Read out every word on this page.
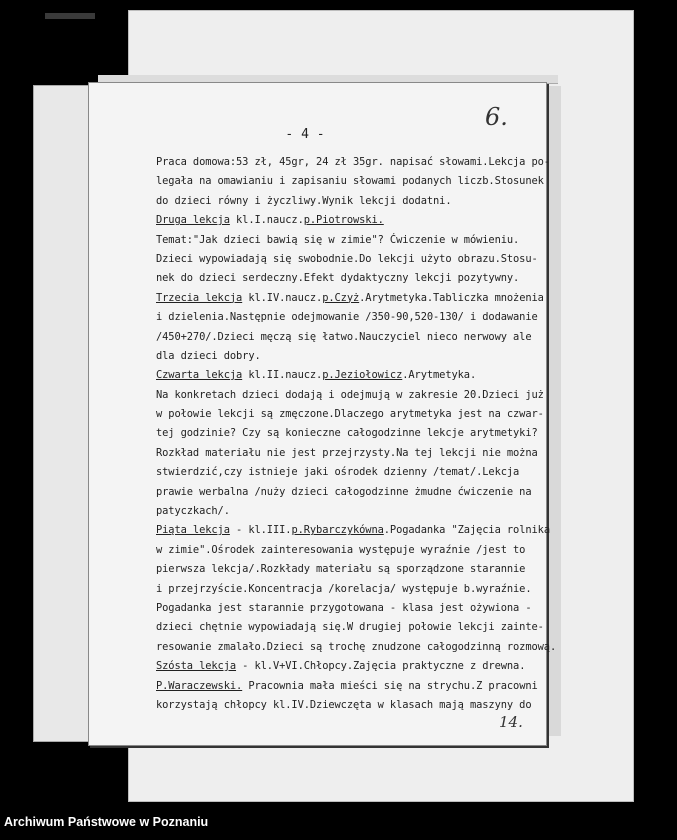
6.
- 4 -
Praca domowa:53 zł, 45gr, 24 zł 35gr. napisać słowami.Lekcja po-
legała na omawianiu i zapisaniu słowami podanych liczb.Stosunek
do dzieci równy i życzliwy.Wynik lekcji dodatni.
Druga lekcja kl.I.naucz.p.Piotrowski.
Temat:"Jak dzieci bawią się w zimie"? Ćwiczenie w mówieniu.
Dzieci wypowiadają się swobodnie.Do lekcji użyto obrazu.Stosu-
nek do dzieci serdeczny.Efekt dydaktyczny lekcji pozytywny.
Trzecia lekcja kl.IV.naucz.p.Czyż.Arytmetyka.Tabliczka mnożenia
i dzielenia.Następnie odejmowanie /350-90,520-130/ i dodawanie
/450+270/.Dzieci męczą się łatwo.Nauczyciel nieco nerwowy ale
dla dzieci dobry.
Czwarta lekcja kl.II.naucz.p.Jeziołowicz.Arytmetyka.
Na konkretach dzieci dodają i odejmują w zakresie 20.Dzieci już
w połowie lekcji są zmęczone.Dlaczego arytmetyka jest na czwar-
tej godzinie? Czy są konieczne całogodzinne lekcje arytmetyki?
Rozkład materiału nie jest przejrzysty.Na tej lekcji nie można
stwierdzić,czy istnieje jaki ośrodek dzienny /temat/.Lekcja
prawie werbalna /nuży dzieci całogodzinne żmudne ćwiczenie na
patyczkach/.
Piąta lekcja - kl.III.p.Rybarczykówna.Pogadanka "Zajęcia rolnika
w zimie".Ośrodek zainteresowania występuje wyraźnie /jest to
pierwsza lekcja/.Rozkłady materiału są sporządzone starannie
i przejrzyście.Koncentracja /korelacja/ występuje b.wyraźnie.
Pogadanka jest starannie przygotowana - klasa jest ożywiona -
dzieci chętnie wypowiadają się.W drugiej połowie lekcji zainte-
resowanie zmalało.Dzieci są trochę znudzone całogodzinną rozmową.
Szósta lekcja - kl.V+VI.Chłopcy.Zajęcia praktyczne z drewna.
P.Waraczewski. Pracownia mała mieści się na strychu.Z pracowni
korzystają chłopcy kl.IV.Dziewczęta w klasach mają maszyny do
14.
Archiwum Państwowe w Poznaniu
